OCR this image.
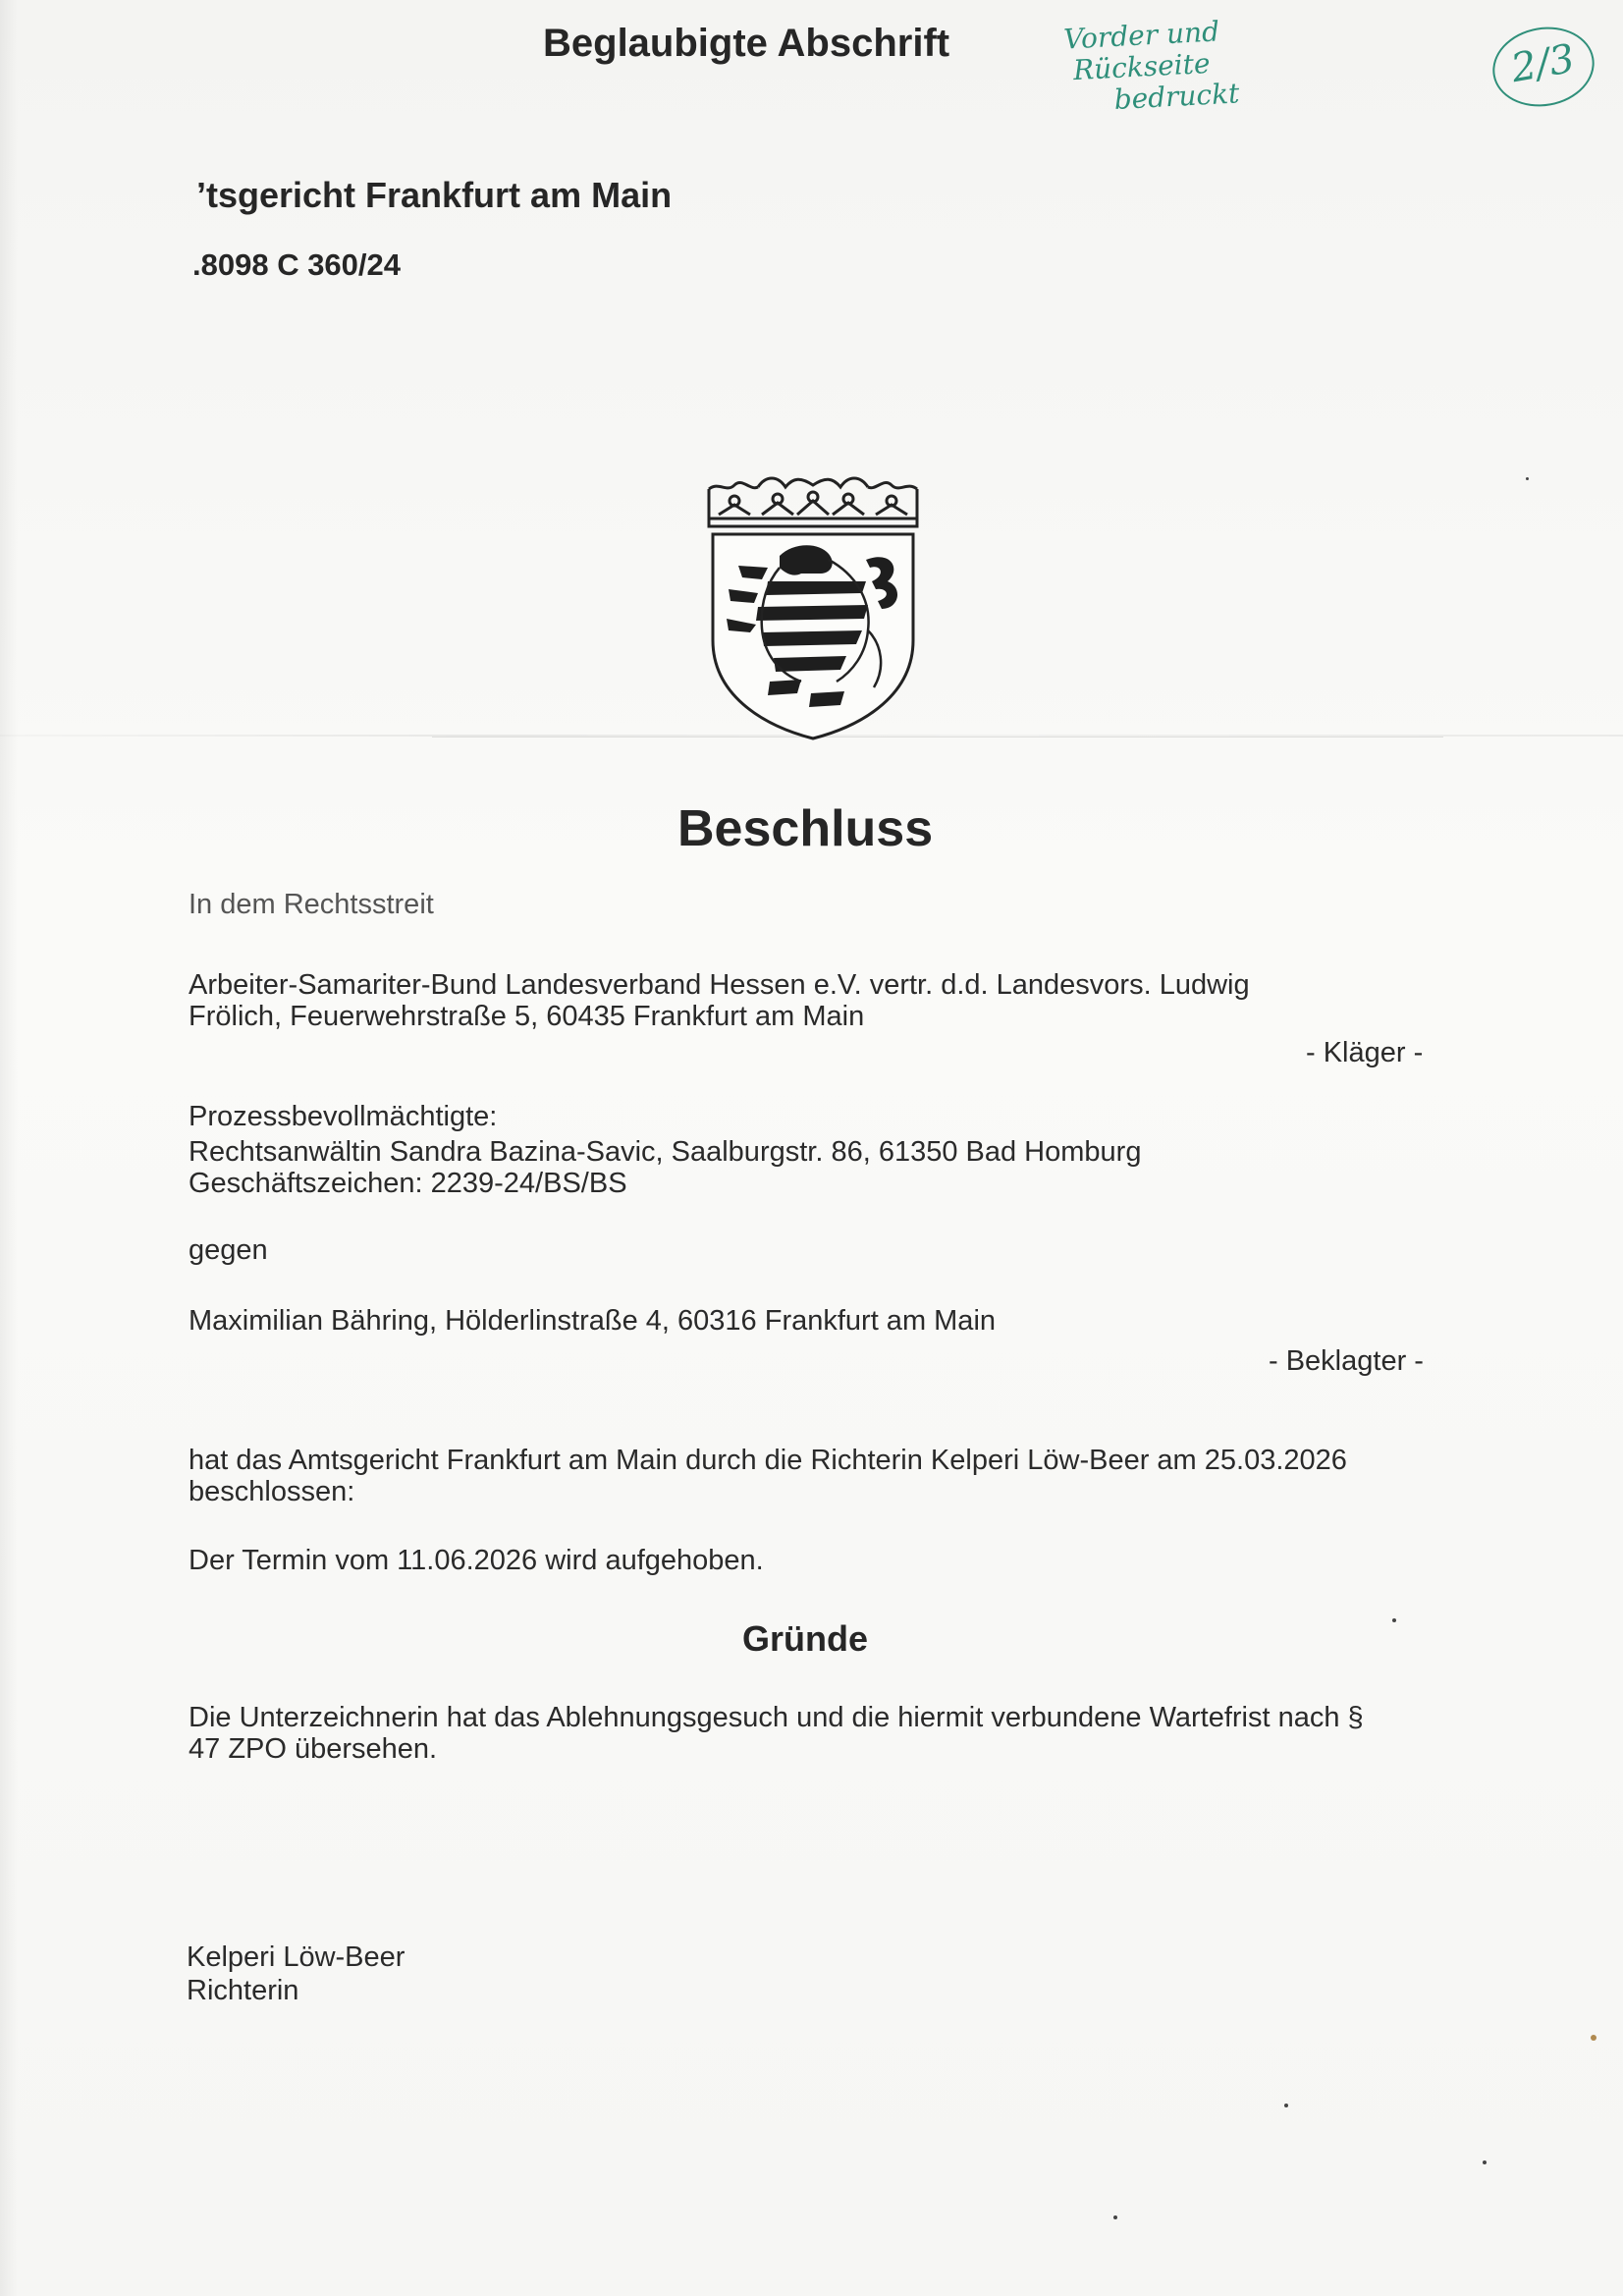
Beglaubigte Abschrift
’tsgericht Frankfurt am Main
.8098 C 360/24
Vorder und
Rückseite
bedruckt
2/3
Beschluss
In dem Rechtsstreit
Arbeiter-Samariter-Bund Landesverband Hessen e.V. vertr. d.d. Landesvors. Ludwig
Frölich, Feuerwehrstraße 5, 60435 Frankfurt am Main
- Kläger -
Prozessbevollmächtigte:
Rechtsanwältin Sandra Bazina-Savic, Saalburgstr. 86, 61350 Bad Homburg
Geschäftszeichen: 2239-24/BS/BS
gegen
Maximilian Bähring, Hölderlinstraße 4, 60316 Frankfurt am Main
- Beklagter -
hat das Amtsgericht Frankfurt am Main durch die Richterin Kelperi Löw-Beer am 25.03.2026
beschlossen:
Der Termin vom 11.06.2026 wird aufgehoben.
Gründe
Die Unterzeichnerin hat das Ablehnungsgesuch und die hiermit verbundene Wartefrist nach §
47 ZPO übersehen.
Kelperi Löw-Beer
Richterin
